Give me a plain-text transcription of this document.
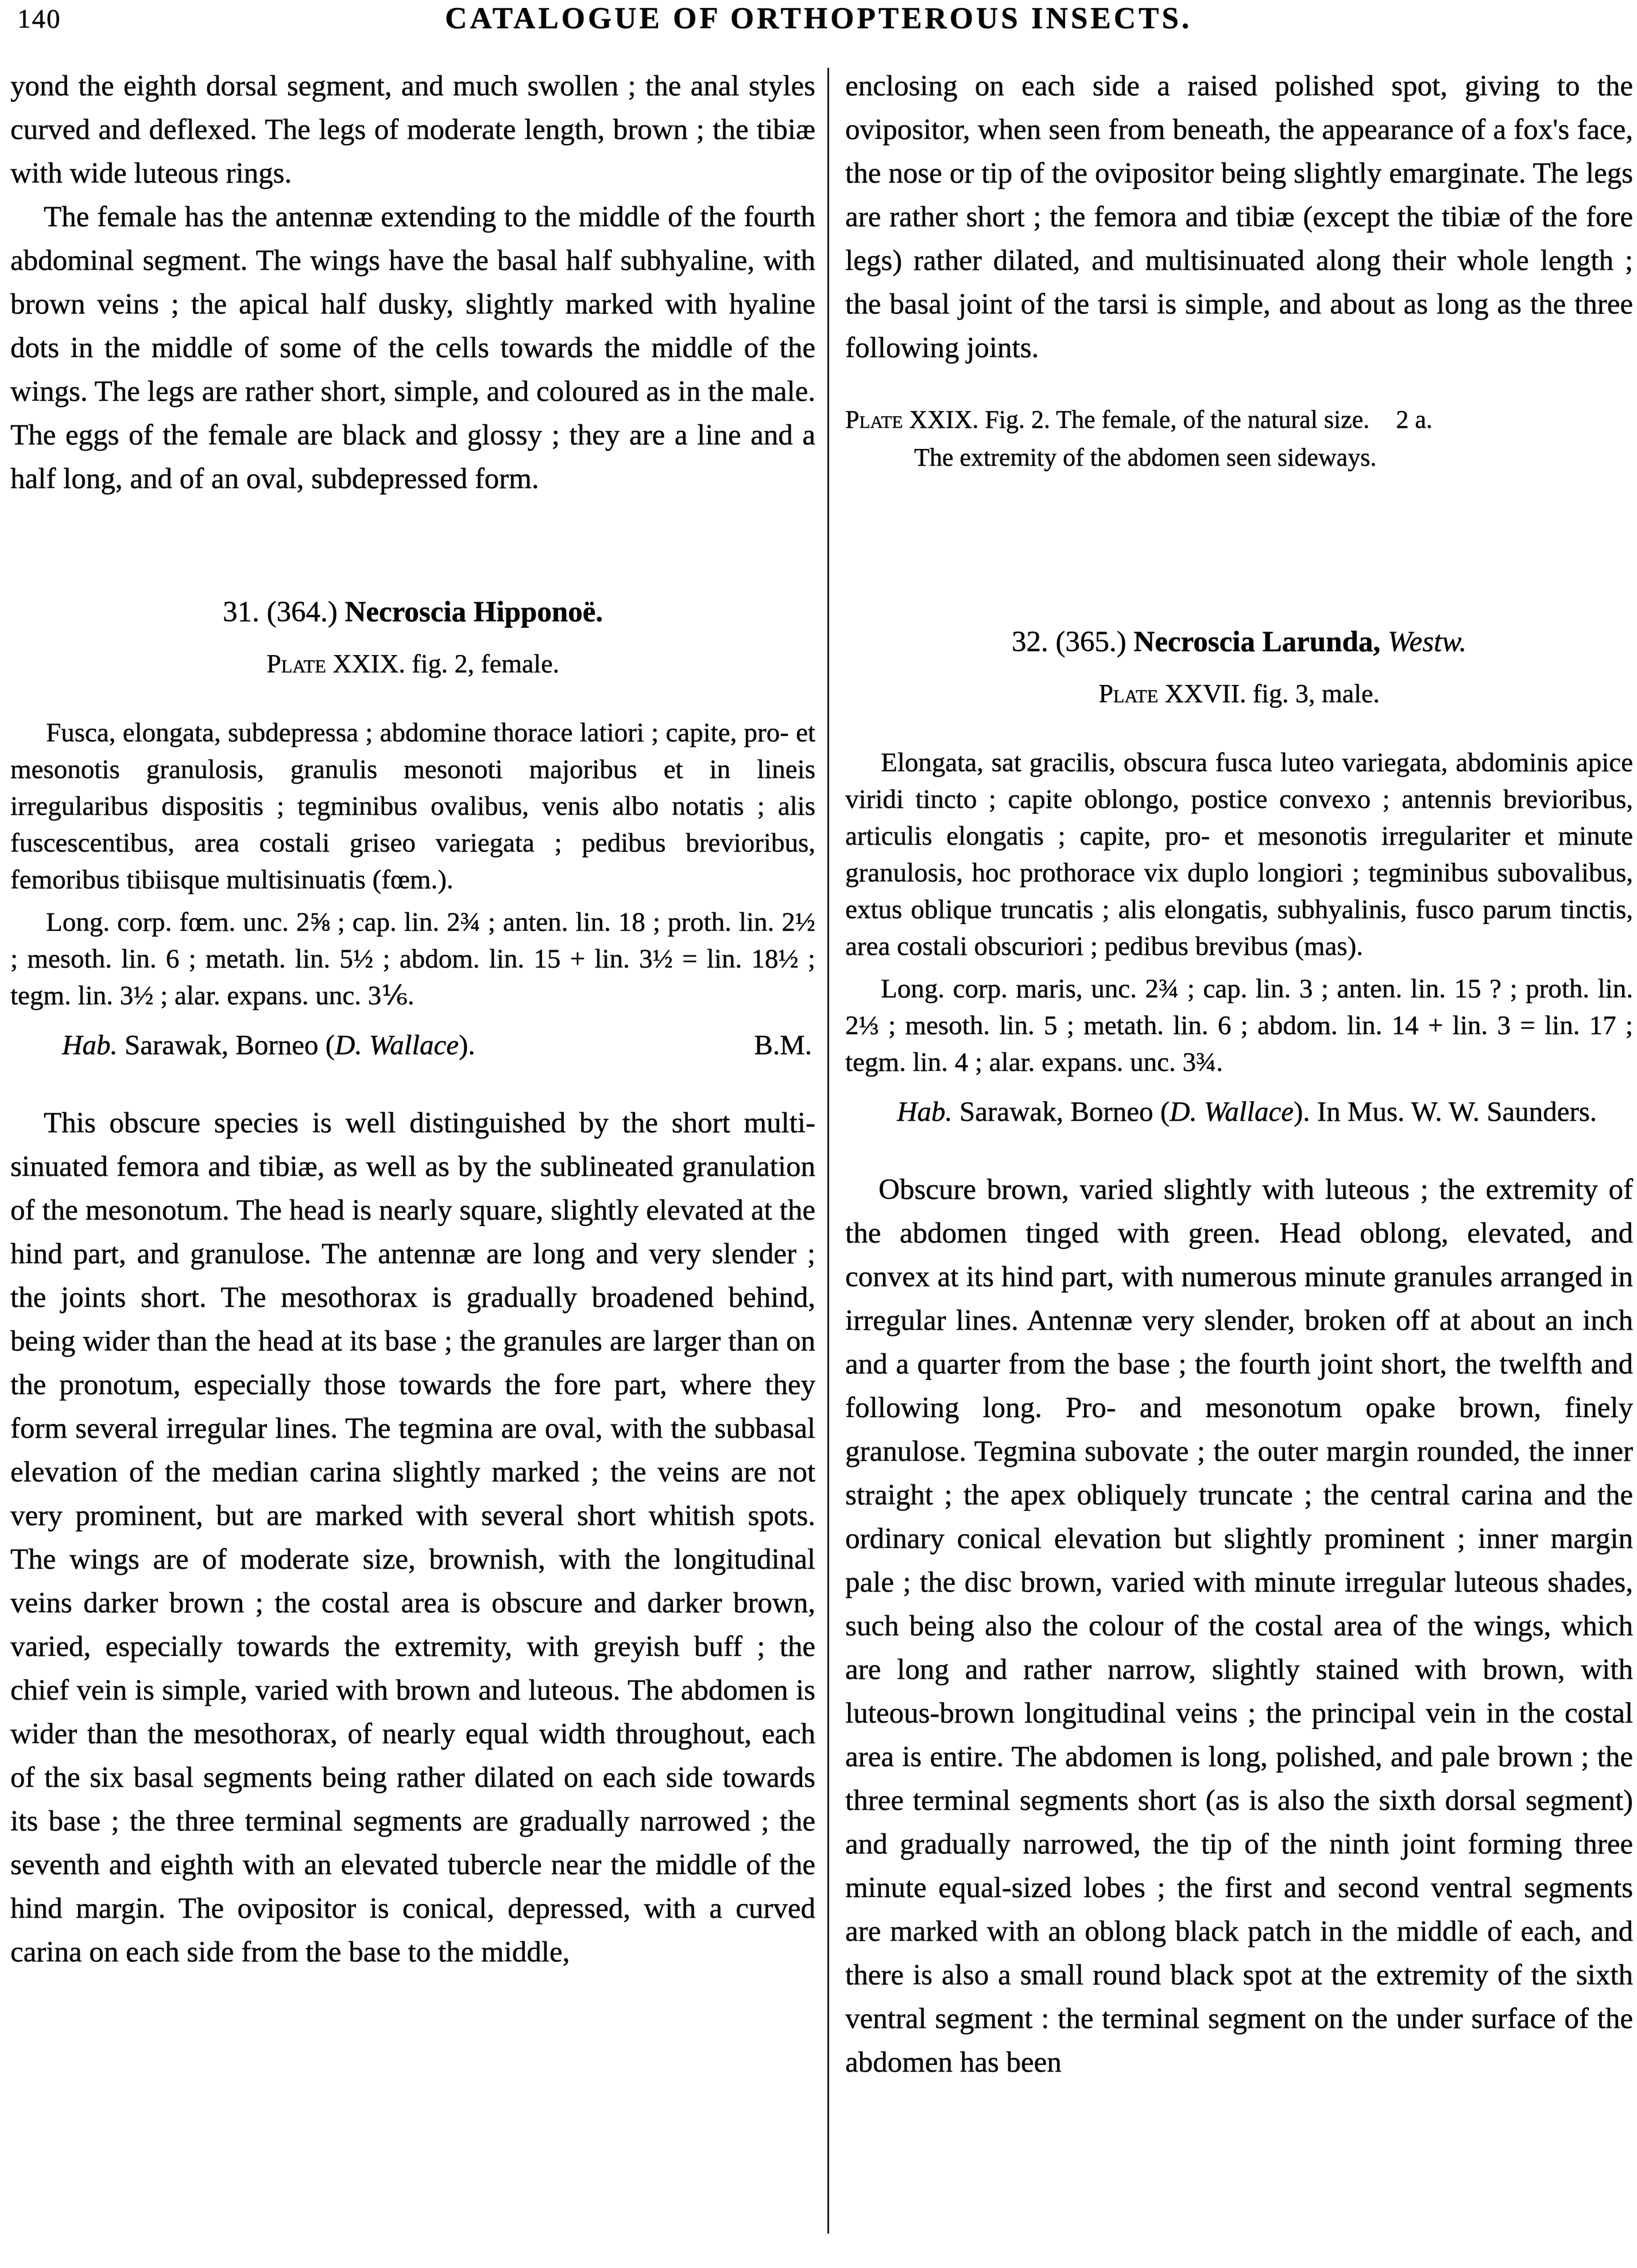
140	CATALOGUE OF ORTHOPTEROUS INSECTS.

yond the eighth dorsal segment, and much swollen ; the anal styles curved and deflexed. The legs of moderate length, brown ; the tibiæ with wide luteous rings.

The female has the antennæ extending to the middle of the fourth abdominal segment. The wings have the basal half subhyaline, with brown veins ; the apical half dusky, slightly marked with hyaline dots in the middle of some of the cells towards the middle of the wings. The legs are rather short, simple, and coloured as in the male. The eggs of the female are black and glossy ; they are a line and a half long, and of an oval, subdepressed form.

31. (364.) Necroscia Hipponoë.

Plate XXIX. fig. 2, female.

Fusca, elongata, subdepressa ; abdomine thorace latiori ; capite, pro- et mesonotis granulosis, granulis mesonoti majoribus et in lineis irregularibus dispositis ; tegminibus ovalibus, venis albo notatis ; alis fuscescentibus, area costali griseo variegata ; pedibus brevioribus, femoribus tibiisque multisinuatis (fœm.).

Long. corp. fœm. unc. 2⅝ ; cap. lin. 2¾ ; anten. lin. 18 ; proth. lin. 2½ ; mesoth. lin. 6 ; metath. lin. 5½ ; abdom. lin. 15 + lin. 3½ = lin. 18½ ; tegm. lin. 3½ ; alar. expans. unc. 3⅙.

Hab. Sarawak, Borneo (D. Wallace).	B.M.

This obscure species is well distinguished by the short multi-sinuated femora and tibiæ, as well as by the sublineated granulation of the mesonotum. The head is nearly square, slightly elevated at the hind part, and granulose. The antennæ are long and very slender ; the joints short. The mesothorax is gradually broadened behind, being wider than the head at its base ; the granules are larger than on the pronotum, especially those towards the fore part, where they form several irregular lines. The tegmina are oval, with the subbasal elevation of the median carina slightly marked ; the veins are not very prominent, but are marked with several short whitish spots. The wings are of moderate size, brownish, with the longitudinal veins darker brown ; the costal area is obscure and darker brown, varied, especially towards the extremity, with greyish buff ; the chief vein is simple, varied with brown and luteous. The abdomen is wider than the mesothorax, of nearly equal width throughout, each of the six basal segments being rather dilated on each side towards its base ; the three terminal segments are gradually narrowed ; the seventh and eighth with an elevated tubercle near the middle of the hind margin. The ovipositor is conical, depressed, with a curved carina on each side from the base to the middle,

enclosing on each side a raised polished spot, giving to the ovipositor, when seen from beneath, the appearance of a fox's face, the nose or tip of the ovipositor being slightly emarginate. The legs are rather short ; the femora and tibiæ (except the tibiæ of the fore legs) rather dilated, and multisinuated along their whole length ; the basal joint of the tarsi is simple, and about as long as the three following joints.

Plate XXIX. Fig. 2. The female, of the natural size. 2 a.
The extremity of the abdomen seen sideways.

32. (365.) Necroscia Larunda, Westw.

Plate XXVII. fig. 3, male.

Elongata, sat gracilis, obscura fusca luteo variegata, abdominis apice viridi tincto ; capite oblongo, postice convexo ; antennis brevioribus, articulis elongatis ; capite, pro- et mesonotis irregulariter et minute granulosis, hoc prothorace vix duplo longiori ; tegminibus subovalibus, extus oblique truncatis ; alis elongatis, subhyalinis, fusco parum tinctis, area costali obscuriori ; pedibus brevibus (mas).

Long. corp. maris, unc. 2¾ ; cap. lin. 3 ; anten. lin. 15 ? ; proth. lin. 2⅓ ; mesoth. lin. 5 ; metath. lin. 6 ; abdom. lin. 14 + lin. 3 = lin. 17 ; tegm. lin. 4 ; alar. expans. unc. 3¾.

Hab. Sarawak, Borneo (D. Wallace). In Mus. W. W. Saunders.

Obscure brown, varied slightly with luteous ; the extremity of the abdomen tinged with green. Head oblong, elevated, and convex at its hind part, with numerous minute granules arranged in irregular lines. Antennæ very slender, broken off at about an inch and a quarter from the base ; the fourth joint short, the twelfth and following long. Pro- and mesonotum opake brown, finely granulose. Tegmina subovate ; the outer margin rounded, the inner straight ; the apex obliquely truncate ; the central carina and the ordinary conical elevation but slightly prominent ; inner margin pale ; the disc brown, varied with minute irregular luteous shades, such being also the colour of the costal area of the wings, which are long and rather narrow, slightly stained with brown, with luteous-brown longitudinal veins ; the principal vein in the costal area is entire. The abdomen is long, polished, and pale brown ; the three terminal segments short (as is also the sixth dorsal segment) and gradually narrowed, the tip of the ninth joint forming three minute equal-sized lobes ; the first and second ventral segments are marked with an oblong black patch in the middle of each, and there is also a small round black spot at the extremity of the sixth ventral segment : the terminal segment on the under surface of the abdomen has been
